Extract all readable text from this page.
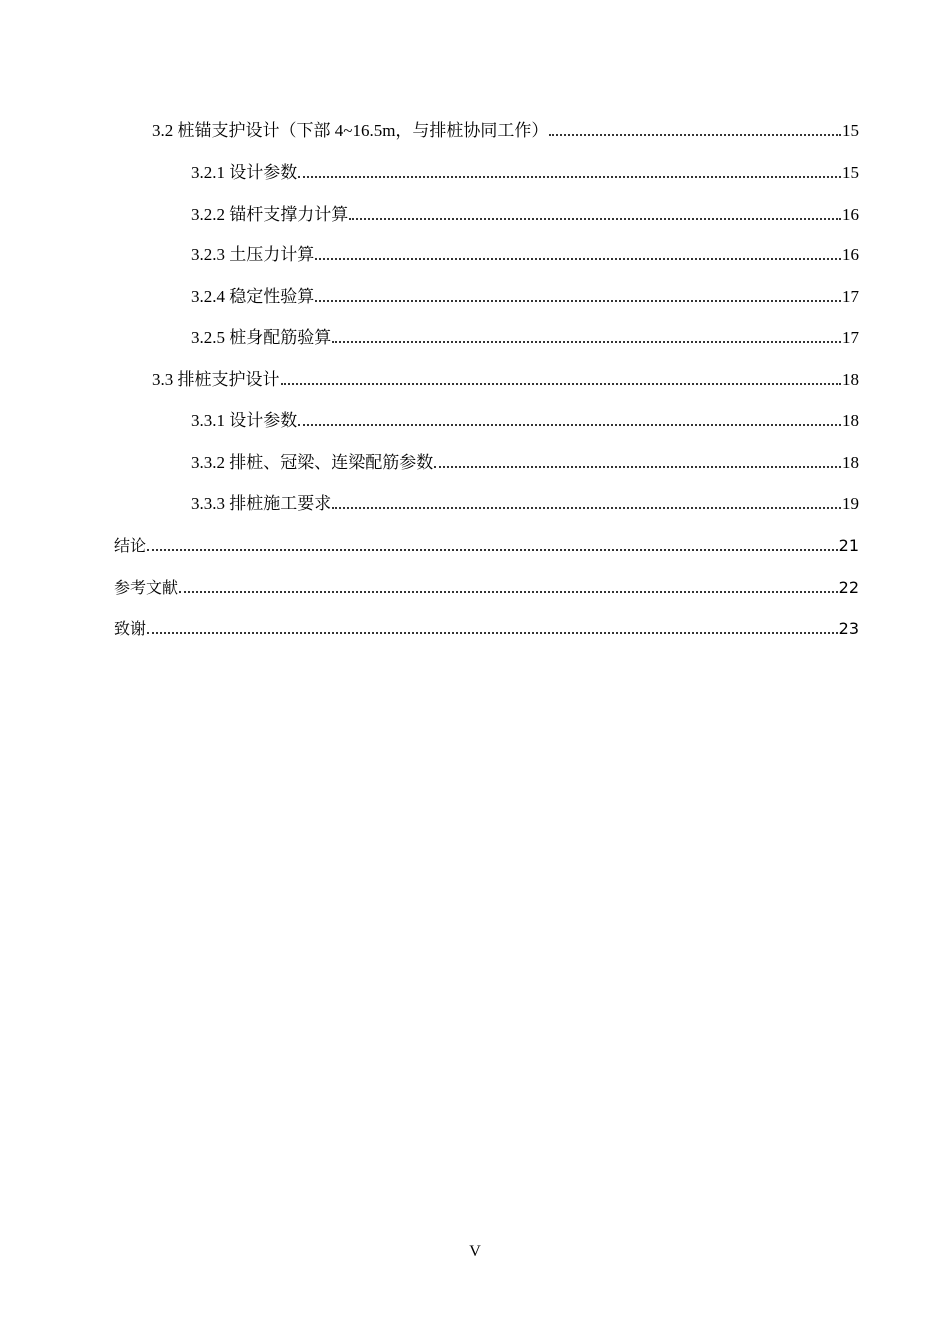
3.2 桩锚支护设计（下部 4~16.5m，与排桩协同工作）	15
3.2.1 设计参数	15
3.2.2 锚杆支撑力计算	16
3.2.3 土压力计算	16
3.2.4 稳定性验算	17
3.2.5 桩身配筋验算	17
3.3 排桩支护设计	18
3.3.1 设计参数	18
3.3.2 排桩、冠梁、连梁配筋参数	18
3.3.3 排桩施工要求	19
结论	21
参考文献	22
致谢	23
V
